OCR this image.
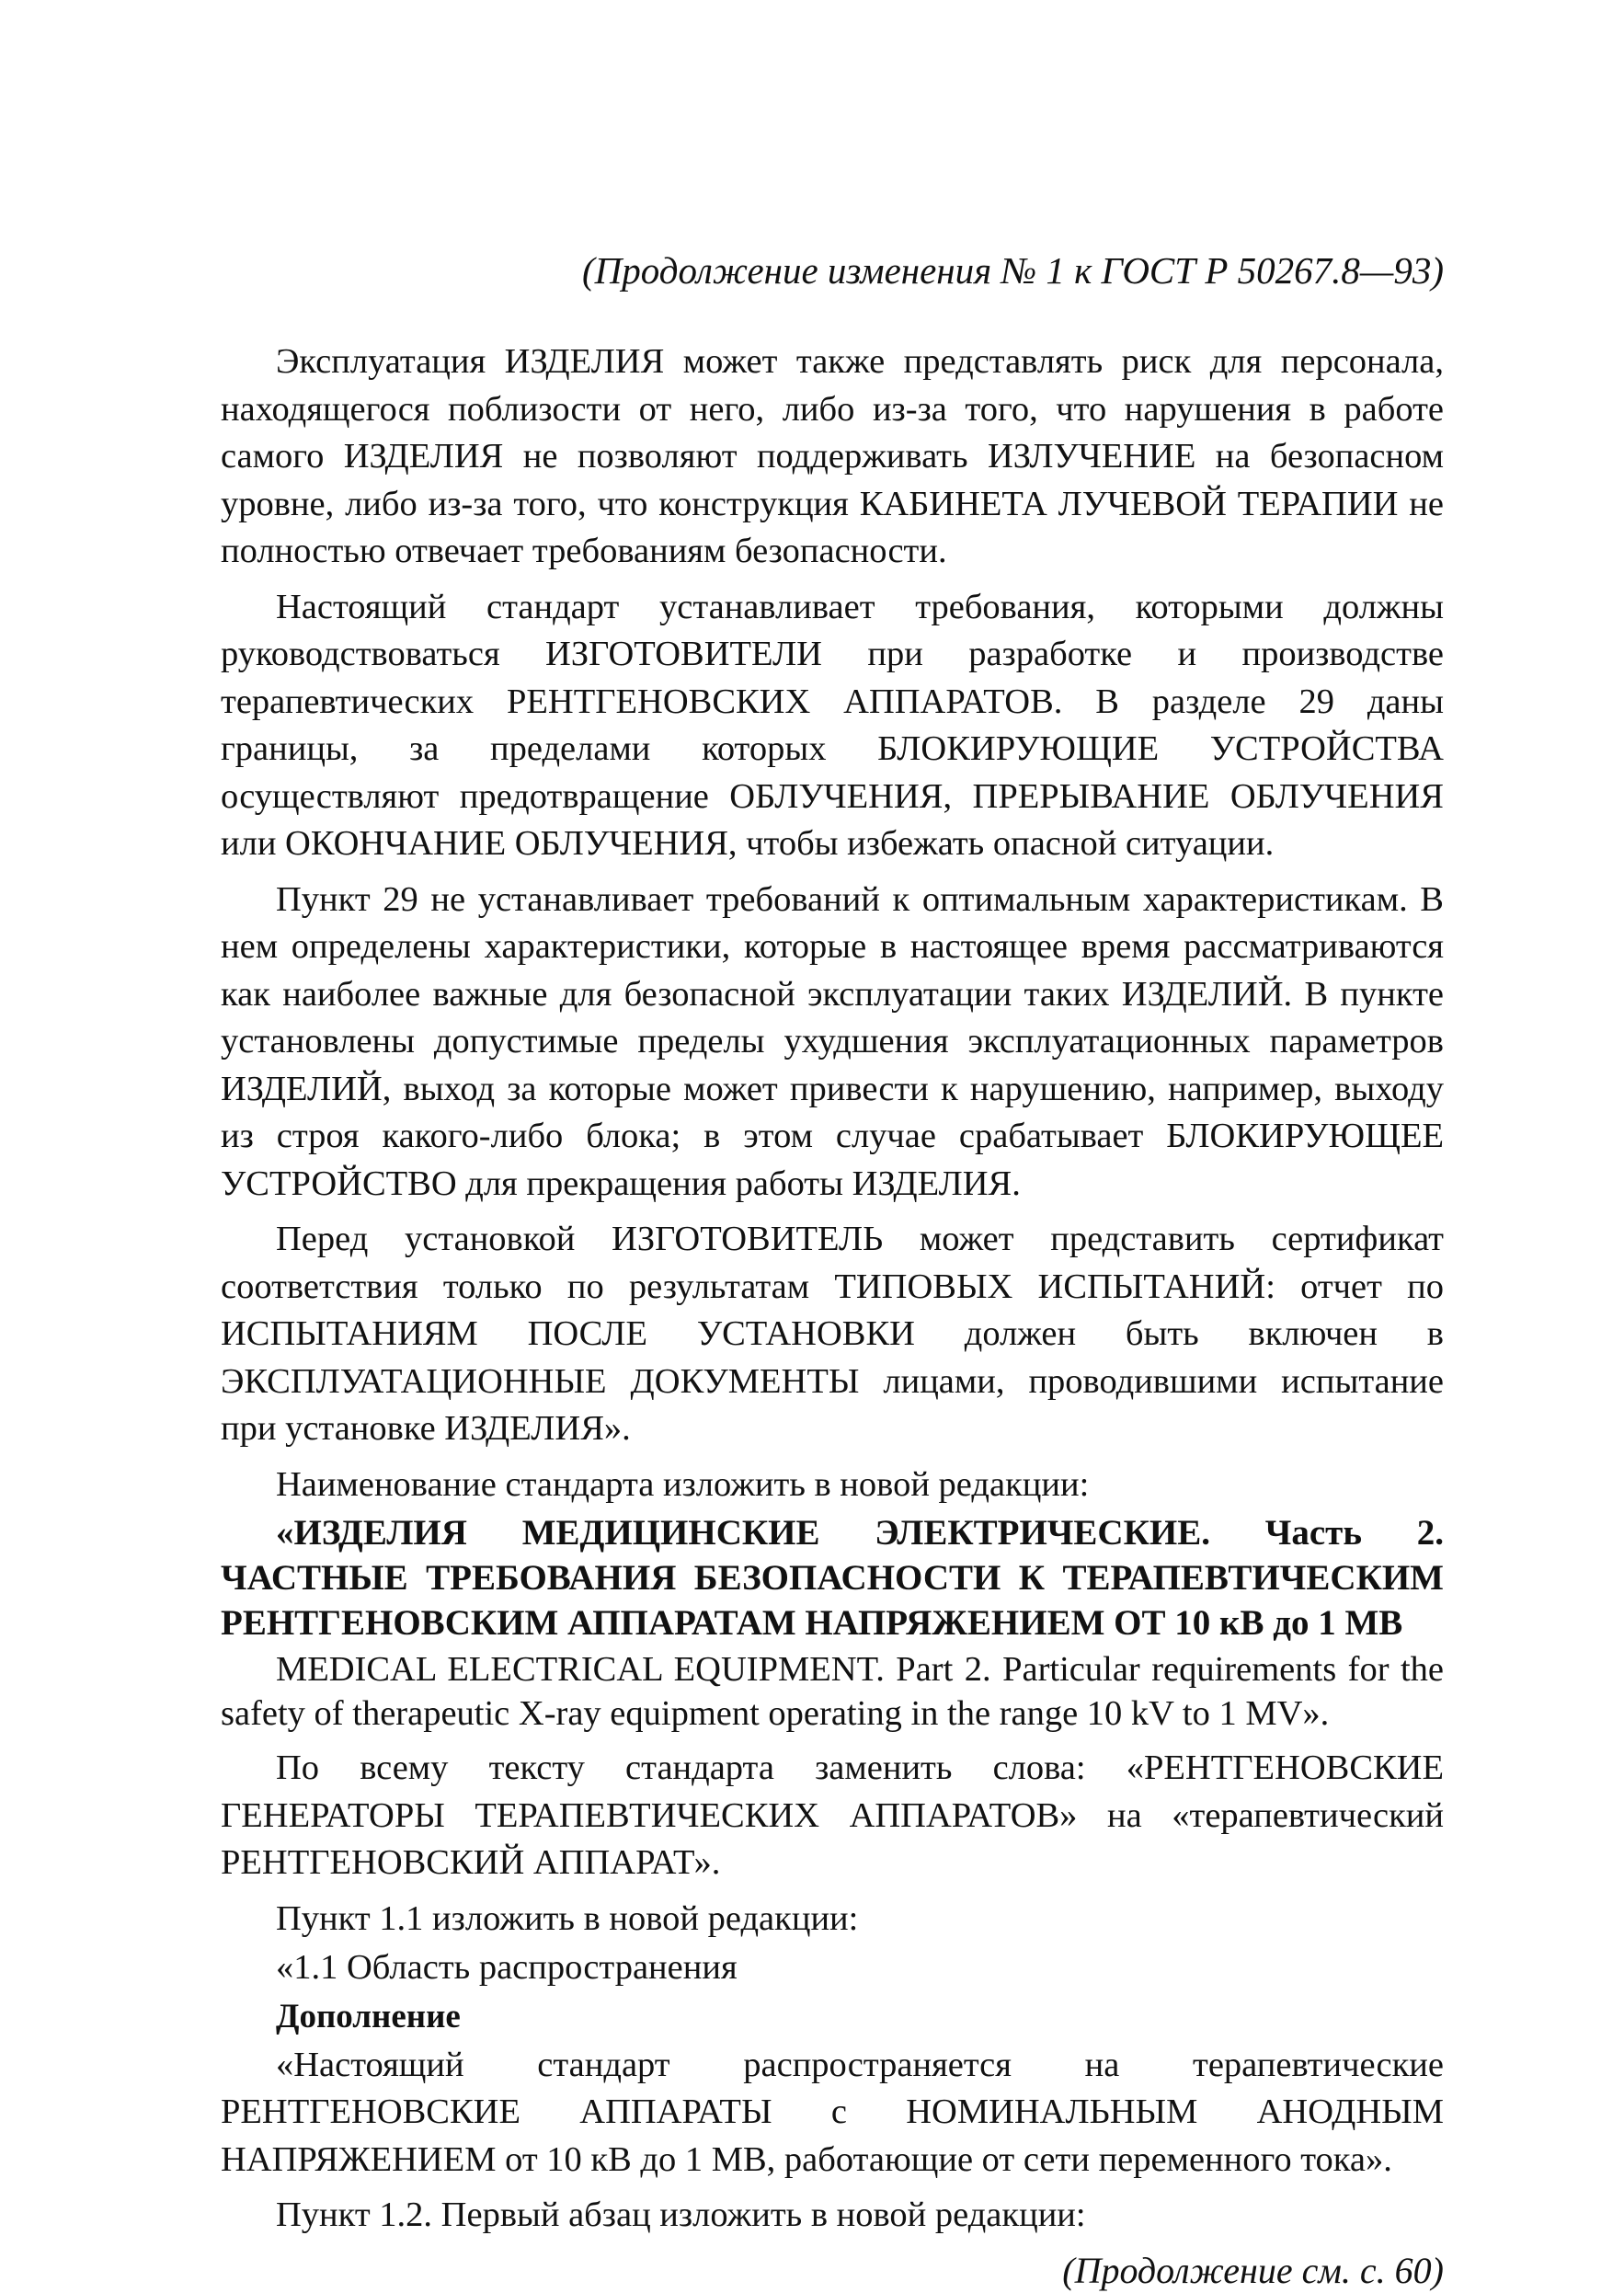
(Продолжение изменения № 1 к ГОСТ Р 50267.8—93)

Эксплуатация ИЗДЕЛИЯ может также представлять риск для персонала, находящегося поблизости от него, либо из-за того, что нарушения в работе самого ИЗДЕЛИЯ не позволяют поддерживать ИЗЛУЧЕНИЕ на безопасном уровне, либо из-за того, что конструкция КАБИНЕТА ЛУЧЕВОЙ ТЕРАПИИ не полностью отвечает требованиям безопасности.

Настоящий стандарт устанавливает требования, которыми должны руководствоваться ИЗГОТОВИТЕЛИ при разработке и производстве терапевтических РЕНТГЕНОВСКИХ АППАРАТОВ. В разделе 29 даны границы, за пределами которых БЛОКИРУЮЩИЕ УСТРОЙСТВА осуществляют предотвращение ОБЛУЧЕНИЯ, ПРЕРЫВАНИЕ ОБЛУЧЕНИЯ или ОКОНЧАНИЕ ОБЛУЧЕНИЯ, чтобы избежать опасной ситуации.

Пункт 29 не устанавливает требований к оптимальным характеристикам. В нем определены характеристики, которые в настоящее время рассматриваются как наиболее важные для безопасной эксплуатации таких ИЗДЕЛИЙ. В пункте установлены допустимые пределы ухудшения эксплуатационных параметров ИЗДЕЛИЙ, выход за которые может привести к нарушению, например, выходу из строя какого-либо блока; в этом случае срабатывает БЛОКИРУЮЩЕЕ УСТРОЙСТВО для прекращения работы ИЗДЕЛИЯ.

Перед установкой ИЗГОТОВИТЕЛЬ может представить сертификат соответствия только по результатам ТИПОВЫХ ИСПЫТАНИЙ: отчет по ИСПЫТАНИЯМ ПОСЛЕ УСТАНОВКИ должен быть включен в ЭКСПЛУАТАЦИОННЫЕ ДОКУМЕНТЫ лицами, проводившими испытание при установке ИЗДЕЛИЯ».

Наименование стандарта изложить в новой редакции:

«ИЗДЕЛИЯ МЕДИЦИНСКИЕ ЭЛЕКТРИЧЕСКИЕ. Часть 2. ЧАСТНЫЕ ТРЕБОВАНИЯ БЕЗОПАСНОСТИ К ТЕРАПЕВТИЧЕСКИМ РЕНТГЕНОВСКИМ АППАРАТАМ НАПРЯЖЕНИЕМ ОТ 10 кВ до 1 МВ

MEDICAL ELECTRICAL EQUIPMENT. Part 2. Particular requirements for the safety of therapeutic X-ray equipment operating in the range 10 kV to 1 MV».

По всему тексту стандарта заменить слова: «РЕНТГЕНОВСКИЕ ГЕНЕРАТОРЫ ТЕРАПЕВТИЧЕСКИХ АППАРАТОВ» на «терапевтический РЕНТГЕНОВСКИЙ АППАРАТ».

Пункт 1.1 изложить в новой редакции:

«1.1 Область распространения

Дополнение

«Настоящий стандарт распространяется на терапевтические РЕНТГЕНОВСКИЕ АППАРАТЫ с НОМИНАЛЬНЫМ АНОДНЫМ НАПРЯЖЕНИЕМ от 10 кВ до 1 МВ, работающие от сети переменного тока».

Пункт 1.2. Первый абзац изложить в новой редакции:

(Продолжение см. с. 60)
